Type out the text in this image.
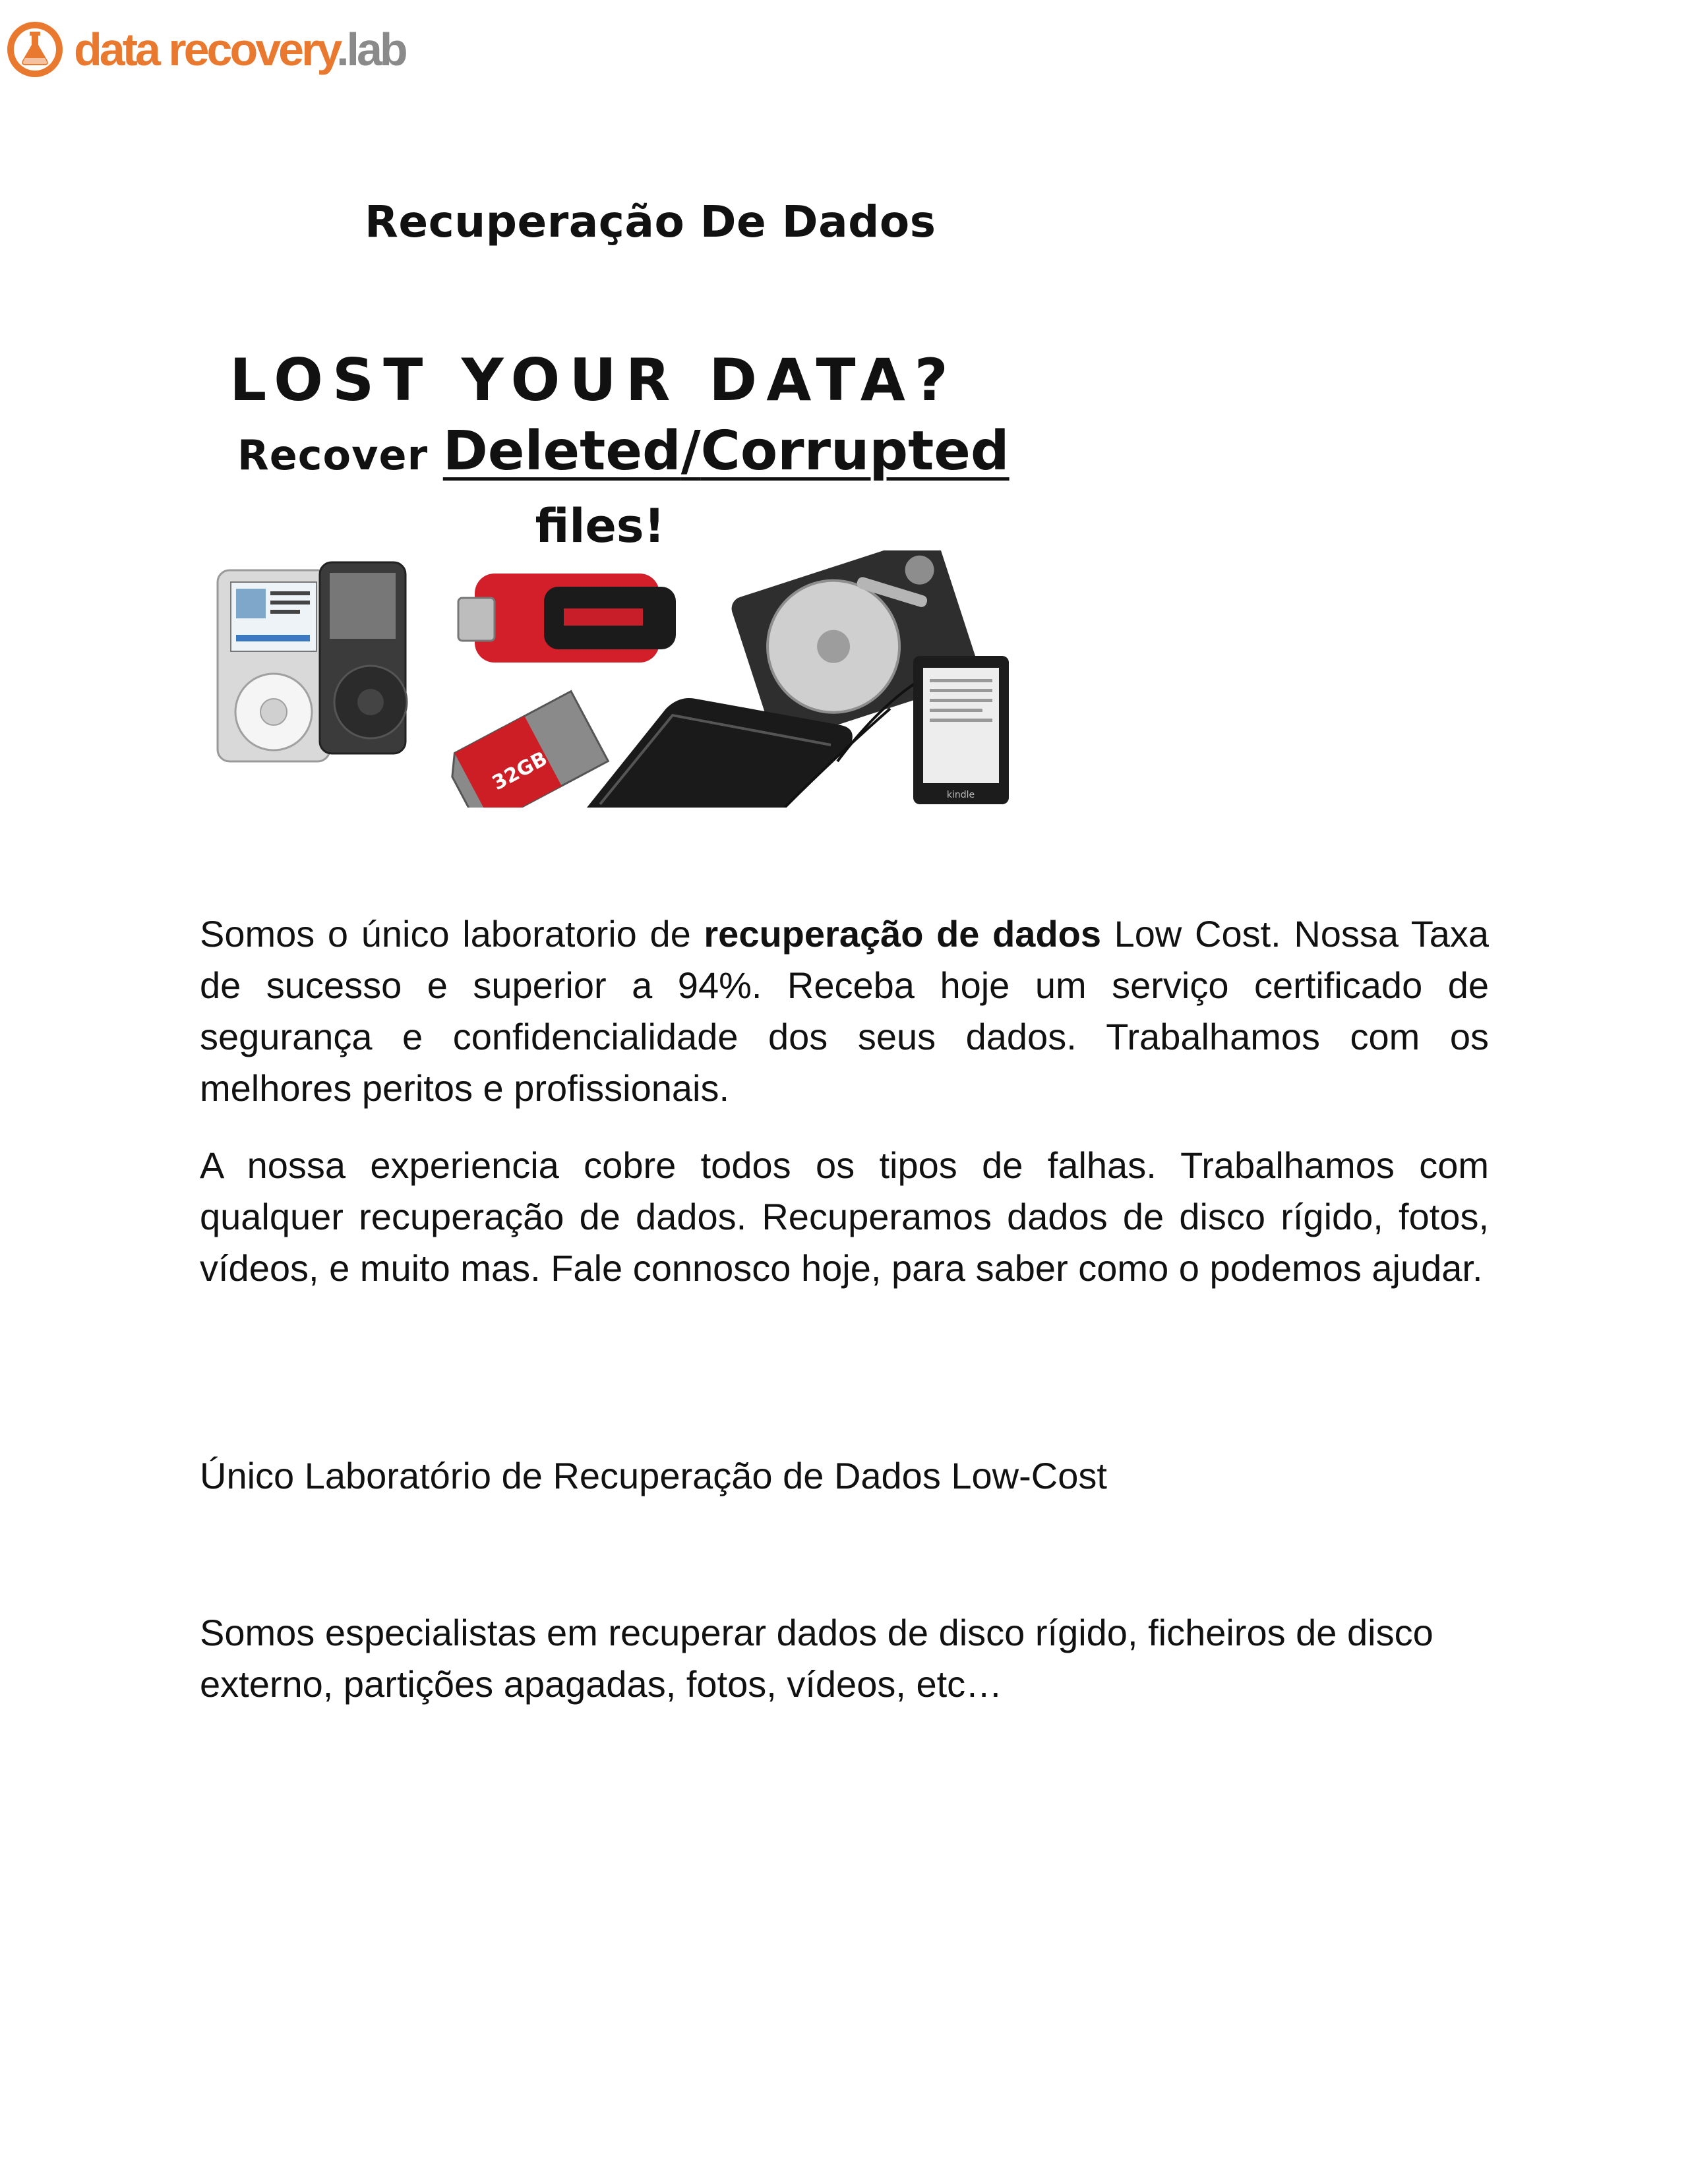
data recovery.lab
Recuperação De Dados
LOST YOUR DATA?
Recover Deleted/Corrupted
files!
32GB	kindle

Somos o único laboratorio de recuperação de dados Low Cost. Nossa Taxa de sucesso e superior a 94%. Receba hoje um serviço certificado de segurança e confidencialidade dos seus dados. Trabalhamos com os melhores peritos e profissionais.

A nossa experiencia cobre todos os tipos de falhas. Trabalhamos com qualquer recuperação de dados. Recuperamos dados de disco rígido, fotos, vídeos, e muito mas. Fale connosco hoje, para saber como o podemos ajudar.

Único Laboratório de Recuperação de Dados Low-Cost

Somos especialistas em recuperar dados de disco rígido, ficheiros de disco externo, partições apagadas, fotos, vídeos, etc…
